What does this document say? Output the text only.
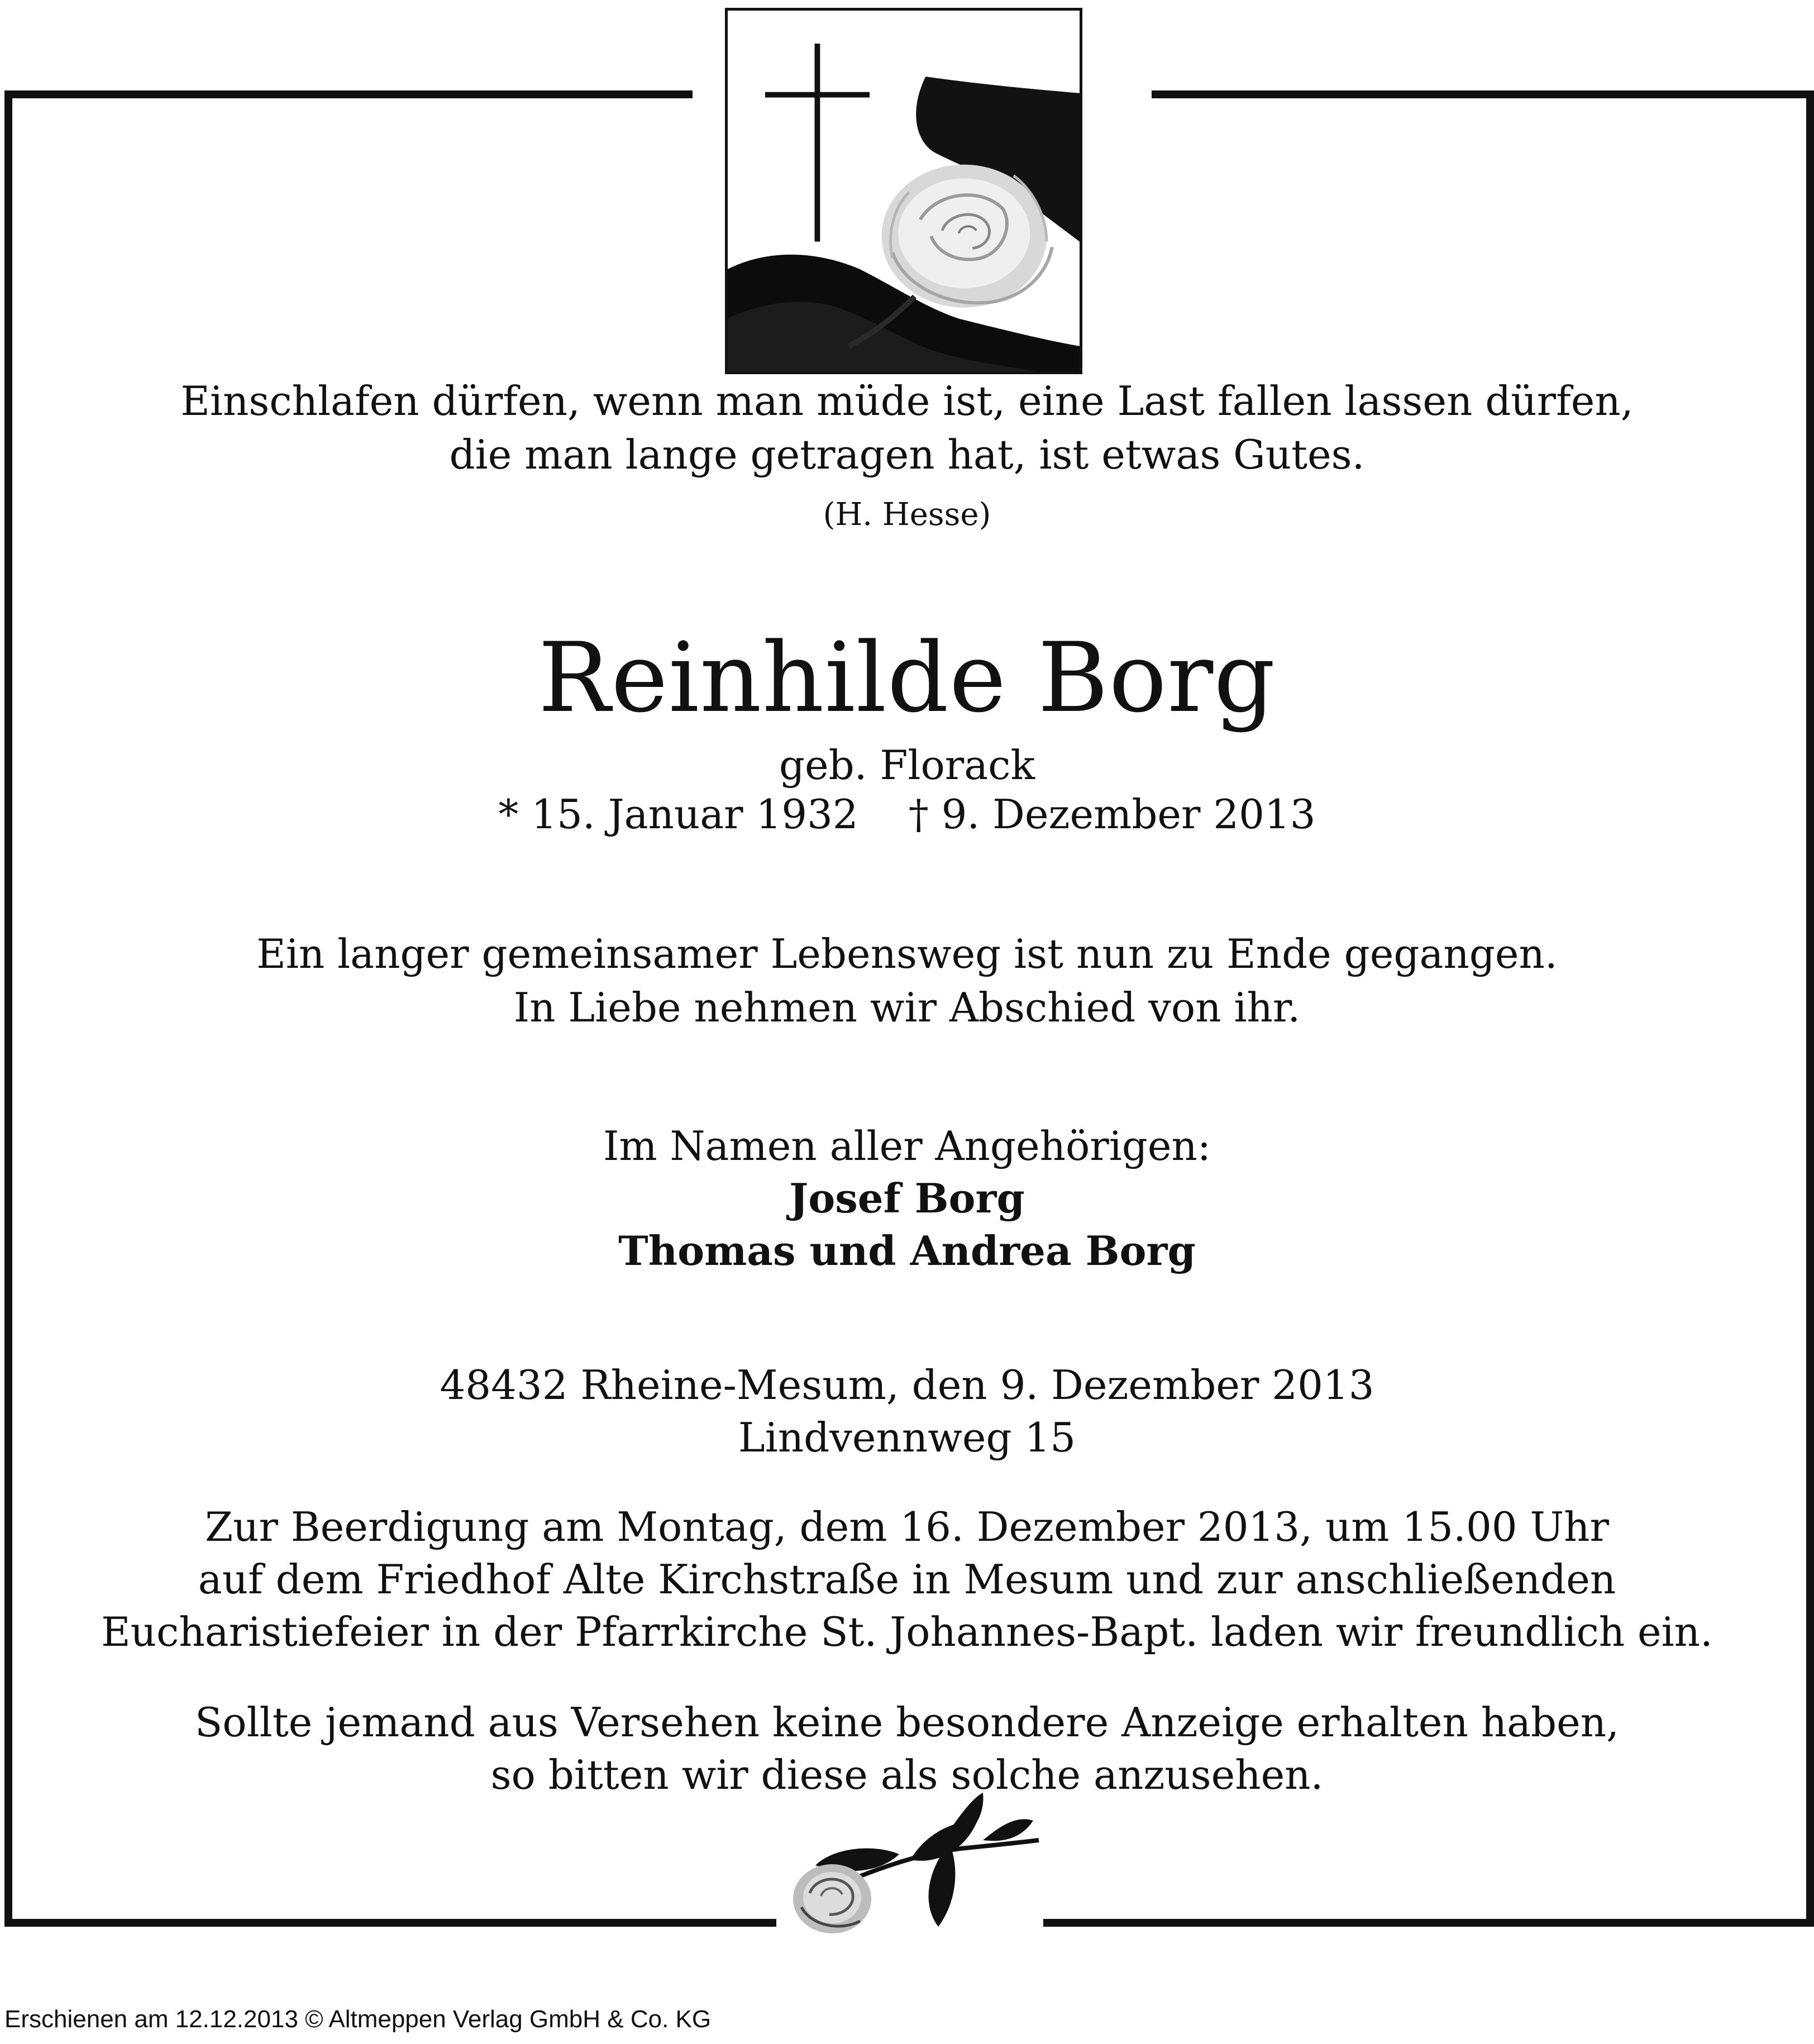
Einschlafen dürfen, wenn man müde ist, eine Last fallen lassen dürfen,
die man lange getragen hat, ist etwas Gutes.
(H. Hesse)
Reinhilde Borg
geb. Florack
* 15. Januar 1932 † 9. Dezember 2013
Ein langer gemeinsamer Lebensweg ist nun zu Ende gegangen.
In Liebe nehmen wir Abschied von ihr.
Im Namen aller Angehörigen:
Josef Borg
Thomas und Andrea Borg
48432 Rheine-Mesum, den 9. Dezember 2013
Lindvennweg 15
Zur Beerdigung am Montag, dem 16. Dezember 2013, um 15.00 Uhr
auf dem Friedhof Alte Kirchstraße in Mesum und zur anschließenden
Eucharistiefeier in der Pfarrkirche St. Johannes-Bapt. laden wir freundlich ein.
Sollte jemand aus Versehen keine besondere Anzeige erhalten haben,
so bitten wir diese als solche anzusehen.
Erschienen am 12.12.2013 © Altmeppen Verlag GmbH & Co. KG
